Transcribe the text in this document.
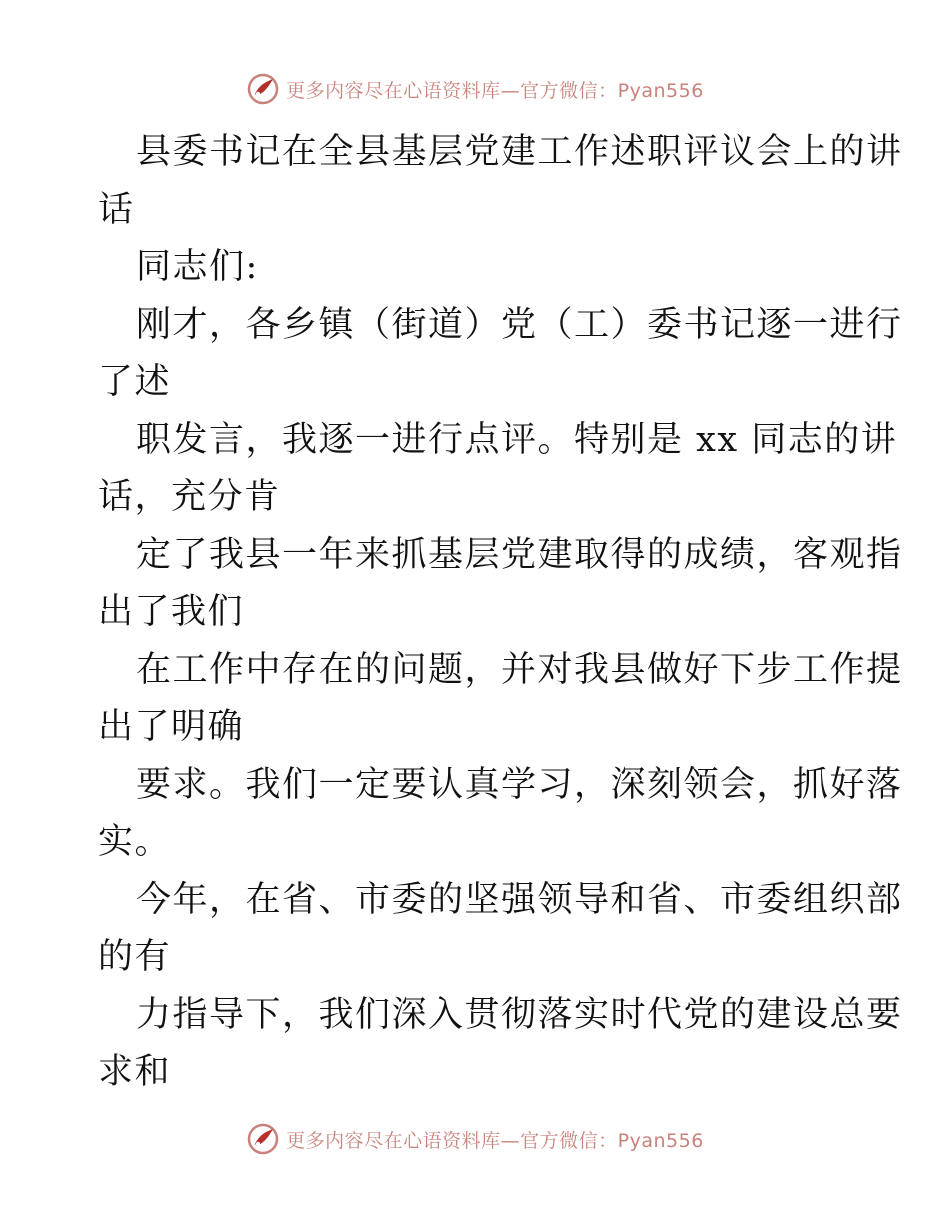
更多内容尽在心语资料库—官方微信：Pyan556

县委书记在全县基层党建工作述职评议会上的讲
话

同志们:

刚才，各乡镇（街道）党（工）委书记逐一进行
了述

职发言，我逐一进行点评。特别是 xx 同志的讲
话，充分肯

定了我县一年来抓基层党建取得的成绩，客观指
出了我们

在工作中存在的问题，并对我县做好下步工作提
出了明确

要求。我们一定要认真学习，深刻领会，抓好落
实。

今年，在省、市委的坚强领导和省、市委组织部
的有

力指导下，我们深入贯彻落实时代党的建设总要
求和

更多内容尽在心语资料库—官方微信：Pyan556
